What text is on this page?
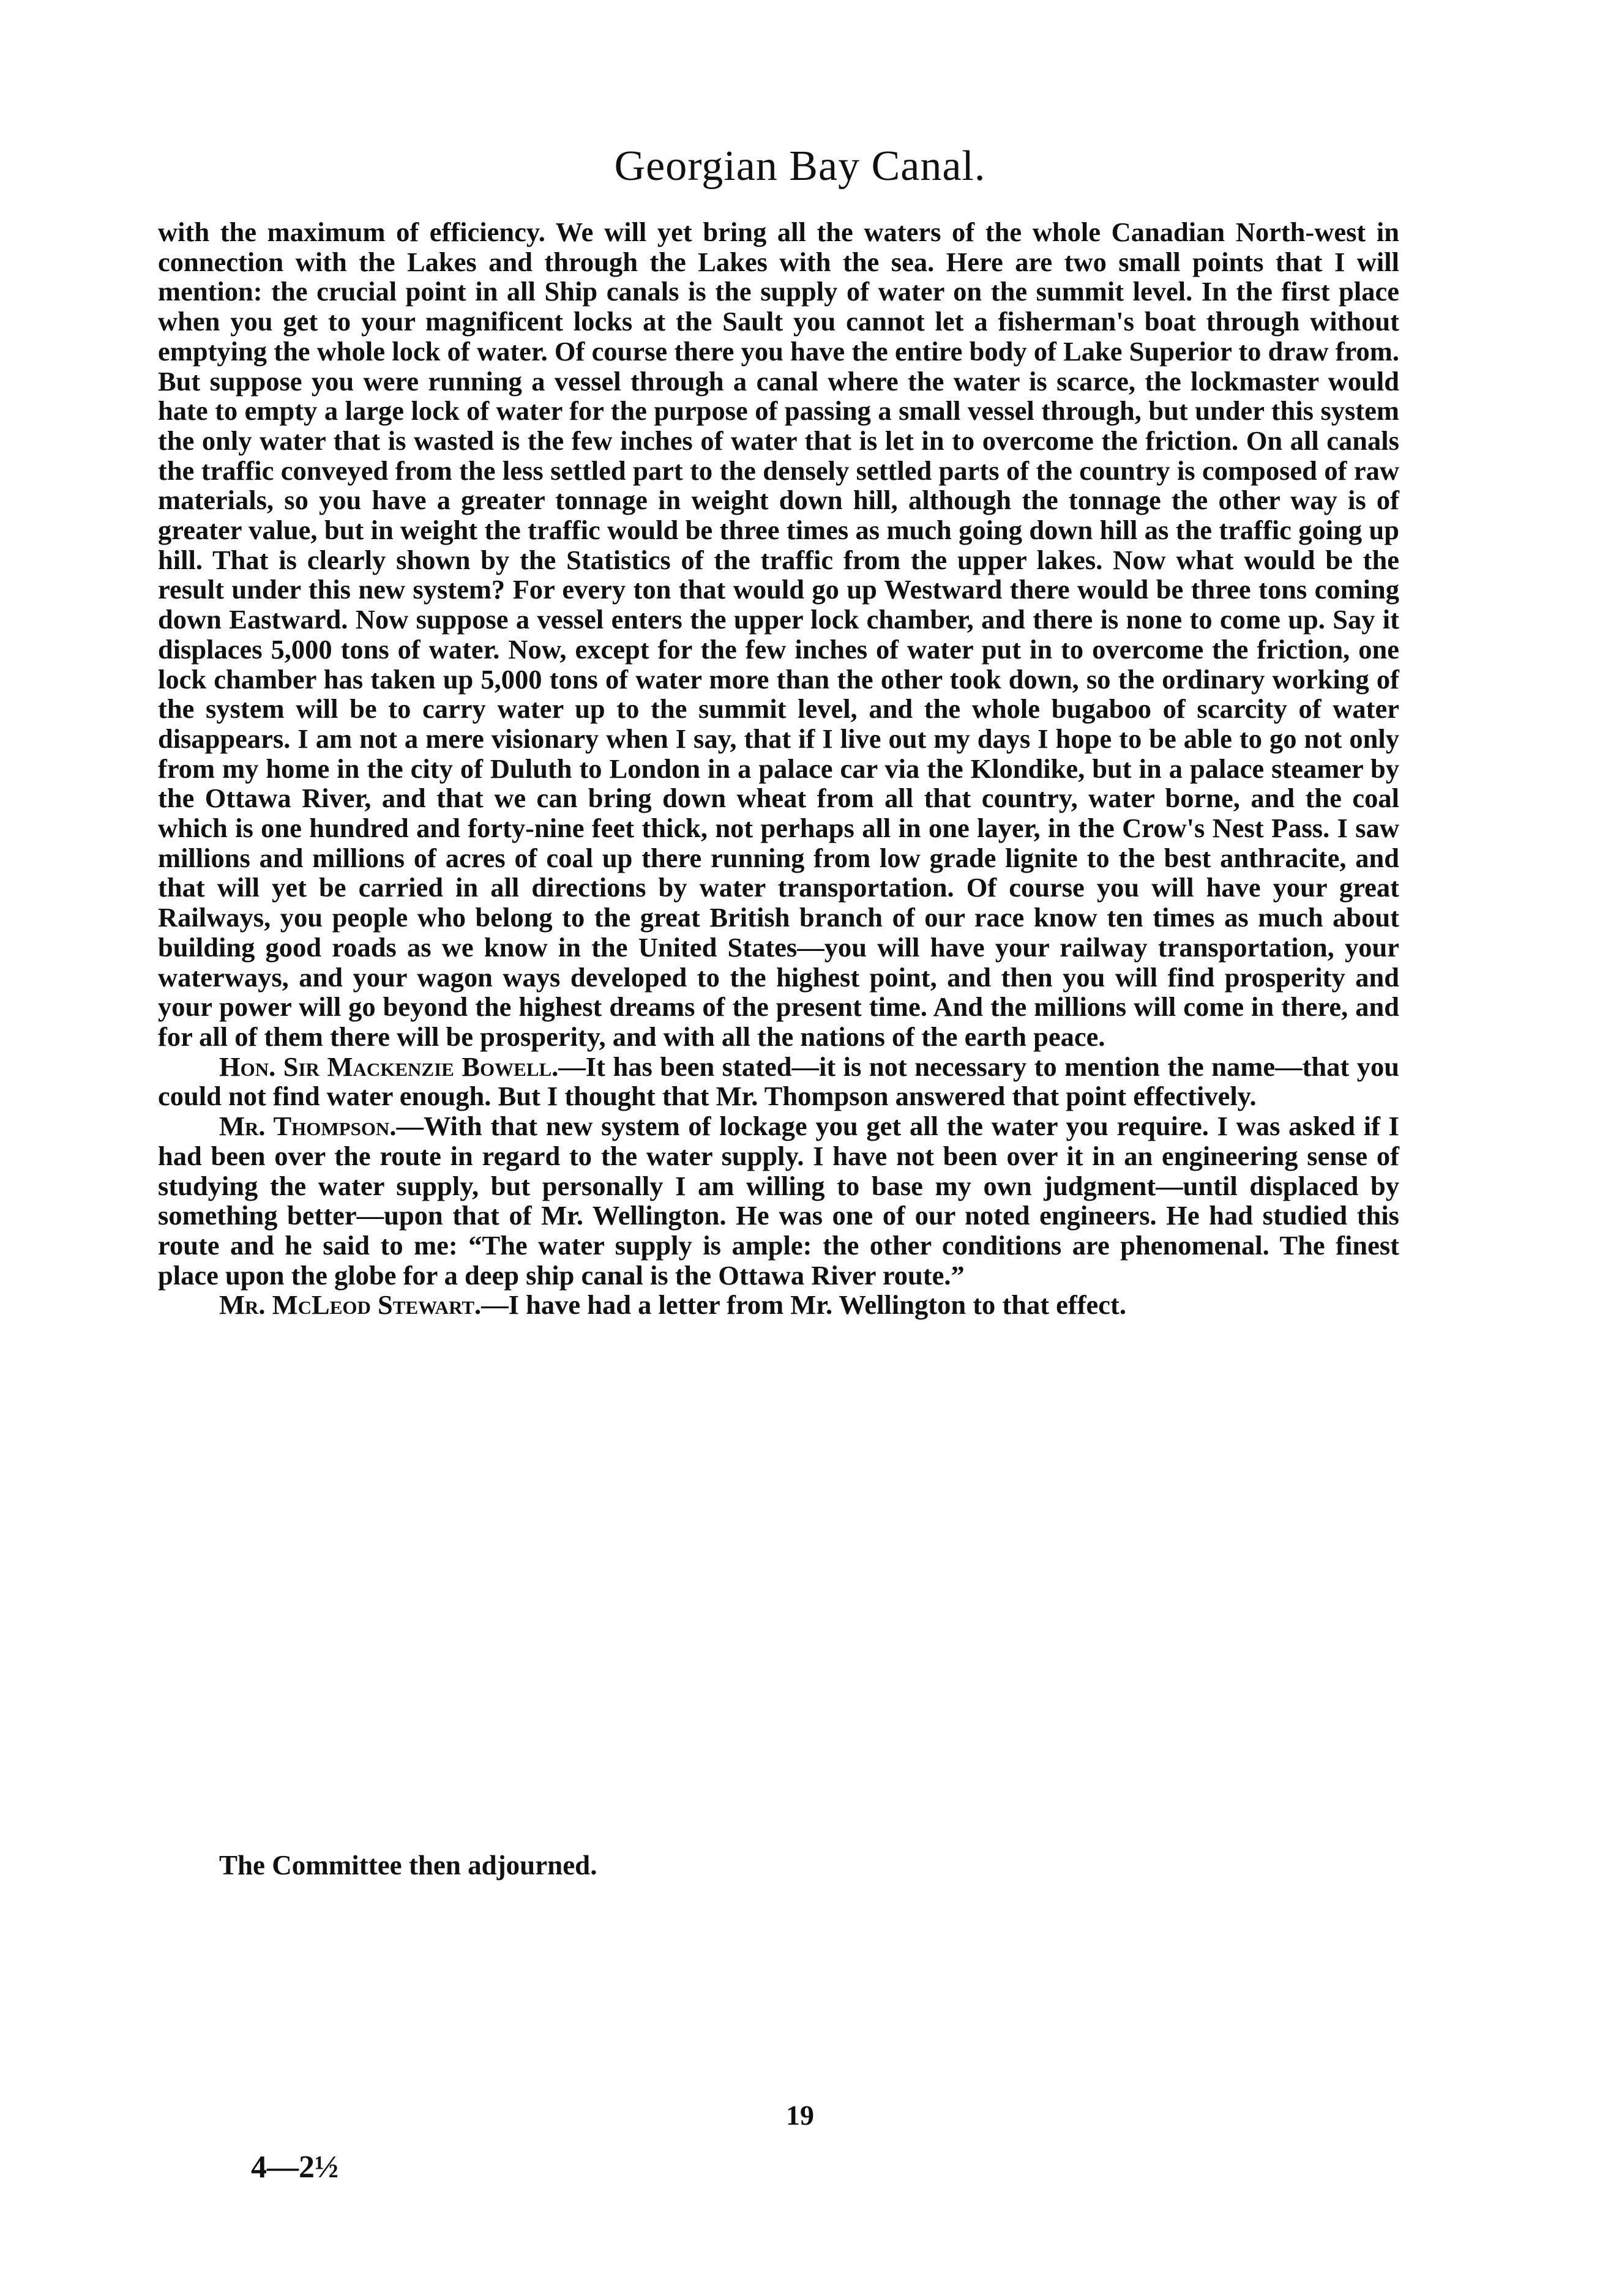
Georgian Bay Canal.

with the maximum of efficiency. We will yet bring all the waters of the whole Canadian North-west in connection with the Lakes and through the Lakes with the sea. Here are two small points that I will mention: the crucial point in all Ship canals is the supply of water on the summit level. In the first place when you get to your magnificent locks at the Sault you cannot let a fisherman's boat through without emptying the whole lock of water. Of course there you have the entire body of Lake Superior to draw from. But suppose you were running a vessel through a canal where the water is scarce, the lockmaster would hate to empty a large lock of water for the purpose of passing a small vessel through, but under this system the only water that is wasted is the few inches of water that is let in to overcome the friction. On all canals the traffic conveyed from the less settled part to the densely settled parts of the country is composed of raw materials, so you have a greater tonnage in weight down hill, although the tonnage the other way is of greater value, but in weight the traffic would be three times as much going down hill as the traffic going up hill. That is clearly shown by the Statistics of the traffic from the upper lakes. Now what would be the result under this new system? For every ton that would go up Westward there would be three tons coming down Eastward. Now suppose a vessel enters the upper lock chamber, and there is none to come up. Say it displaces 5,000 tons of water. Now, except for the few inches of water put in to overcome the friction, one lock chamber has taken up 5,000 tons of water more than the other took down, so the ordinary working of the system will be to carry water up to the summit level, and the whole bugaboo of scarcity of water disappears. I am not a mere visionary when I say, that if I live out my days I hope to be able to go not only from my home in the city of Duluth to London in a palace car via the Klondike, but in a palace steamer by the Ottawa River, and that we can bring down wheat from all that country, water borne, and the coal which is one hundred and forty-nine feet thick, not perhaps all in one layer, in the Crow's Nest Pass. I saw millions and millions of acres of coal up there running from low grade lignite to the best anthracite, and that will yet be carried in all directions by water transportation. Of course you will have your great Railways, you people who belong to the great British branch of our race know ten times as much about building good roads as we know in the United States—you will have your railway transportation, your waterways, and your wagon ways developed to the highest point, and then you will find prosperity and your power will go beyond the highest dreams of the present time. And the millions will come in there, and for all of them there will be prosperity, and with all the nations of the earth peace.

Hon. Sir Mackenzie Bowell.—It has been stated—it is not necessary to mention the name—that you could not find water enough. But I thought that Mr. Thompson answered that point effectively.

Mr. Thompson.—With that new system of lockage you get all the water you require. I was asked if I had been over the route in regard to the water supply. I have not been over it in an engineering sense of studying the water supply, but personally I am willing to base my own judgment—until displaced by something better—upon that of Mr. Wellington. He was one of our noted engineers. He had studied this route and he said to me: “The water supply is ample: the other conditions are phenomenal. The finest place upon the globe for a deep ship canal is the Ottawa River route.”

Mr. McLeod Stewart.—I have had a letter from Mr. Wellington to that effect.

The Committee then adjourned.
19
4—2½
